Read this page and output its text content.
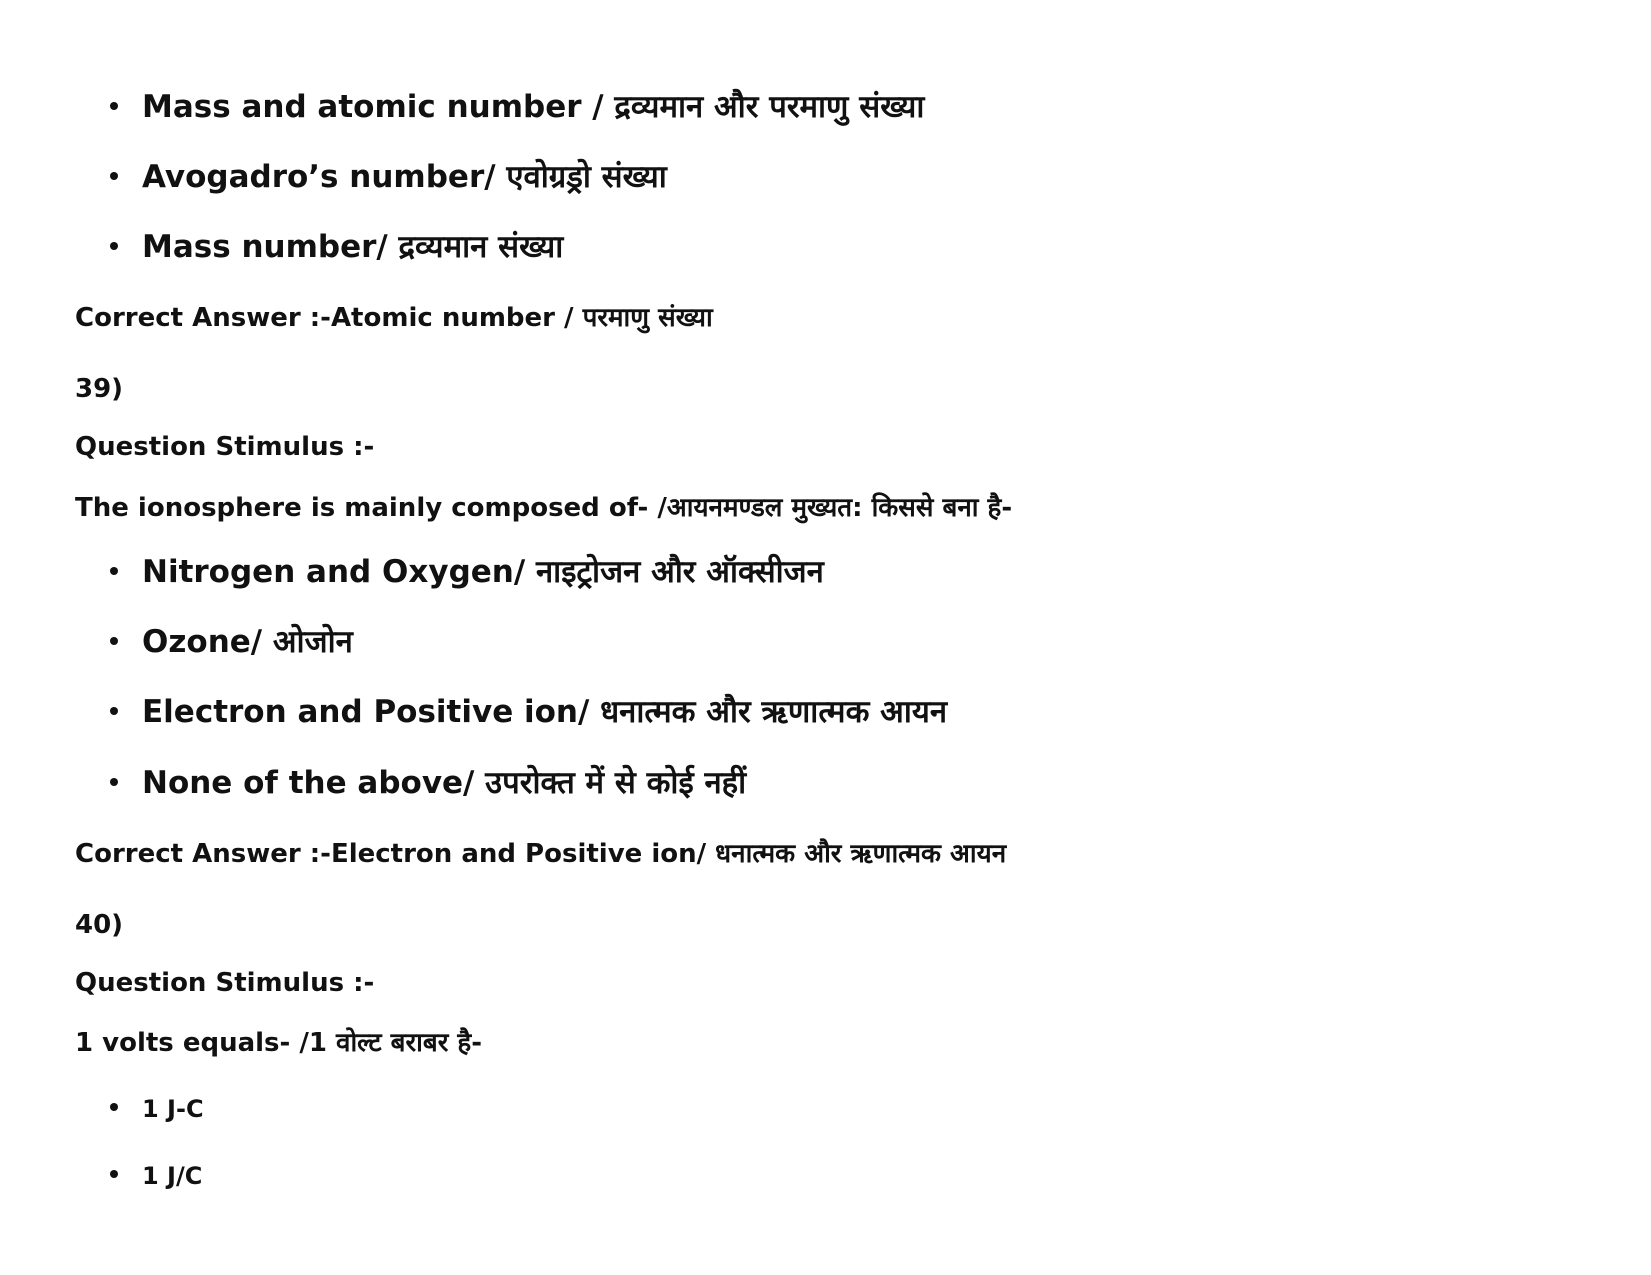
Mass and atomic number / द्रव्यमान और परमाणु संख्या
Avogadro’s number/ एवोग्रड्रो संख्या
Mass number/ द्रव्यमान संख्या
Correct Answer :-Atomic number / परमाणु संख्या
39)
Question Stimulus :-
The ionosphere is mainly composed of- /आयनमण्डल मुख्यत: किससे बना है-
Nitrogen and Oxygen/ नाइट्रोजन और ऑक्सीजन
Ozone/ ओजोन
Electron and Positive ion/ धनात्मक और ऋणात्मक आयन
None of the above/ उपरोक्त में से कोई नहीं
Correct Answer :-Electron and Positive ion/ धनात्मक और ऋणात्मक आयन
40)
Question Stimulus :-
1 volts equals- /1 वोल्ट बराबर है-
1 J-C
1 J/C
